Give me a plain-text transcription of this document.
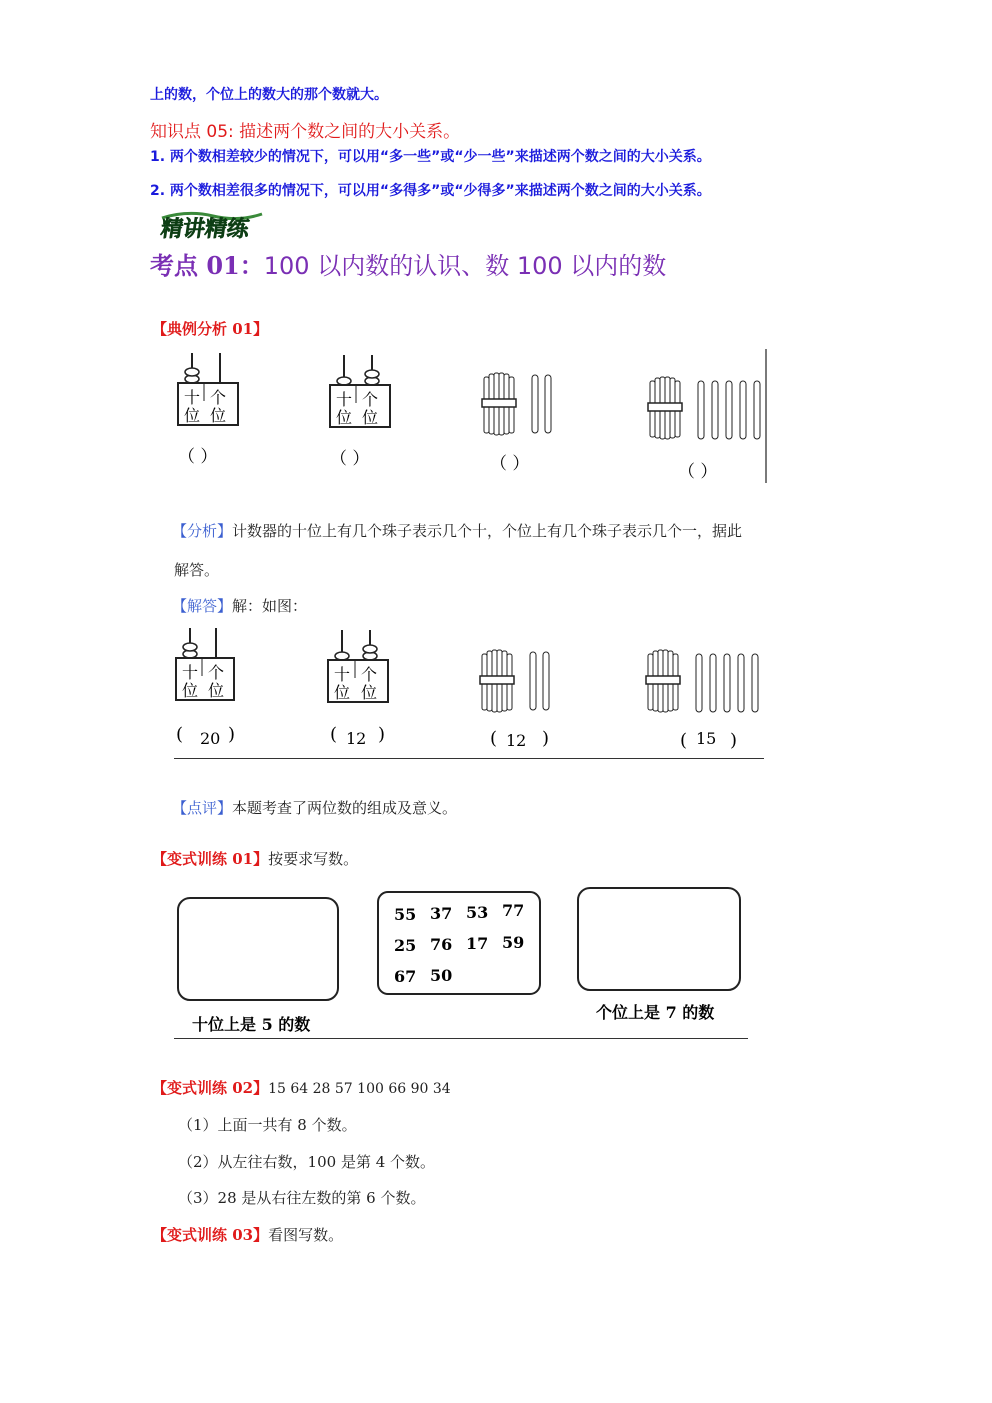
上的数，个位上的数大的那个数就大。
知识点 05: 描述两个数之间的大小关系。
1. 两个数相差较少的情况下，可以用“多一些”或“少一些”来描述两个数之间的大小关系。
2. 两个数相差很多的情况下，可以用“多得多”或“少得多”来描述两个数之间的大小关系。
精讲精练
考点 01：100 以内数的认识、数 100 以内的数
【典例分析 01】
十 个
位 位
（ ）
十 个
位 位
（ ）	（ ）	（ ）
【分析】计数器的十位上有几个珠子表示几个十，个位上有几个珠子表示几个一，据此
解答。
【解答】解：如图：
十 个
位 位
( 20 )
十 个
位 位
( 12 )	( 12 )	( 15 )
【点评】本题考查了两位数的组成及意义。
【变式训练 01】按要求写数。
55 37 53 77
25 76 17 59
67 50
十位上是 5 的数
个位上是 7 的数
【变式训练 02】15 64 28 57 100 66 90 34
（1）上面一共有 8 个数。
（2）从左往右数，100 是第 4 个数。
（3）28 是从右往左数的第 6 个数。
【变式训练 03】看图写数。
